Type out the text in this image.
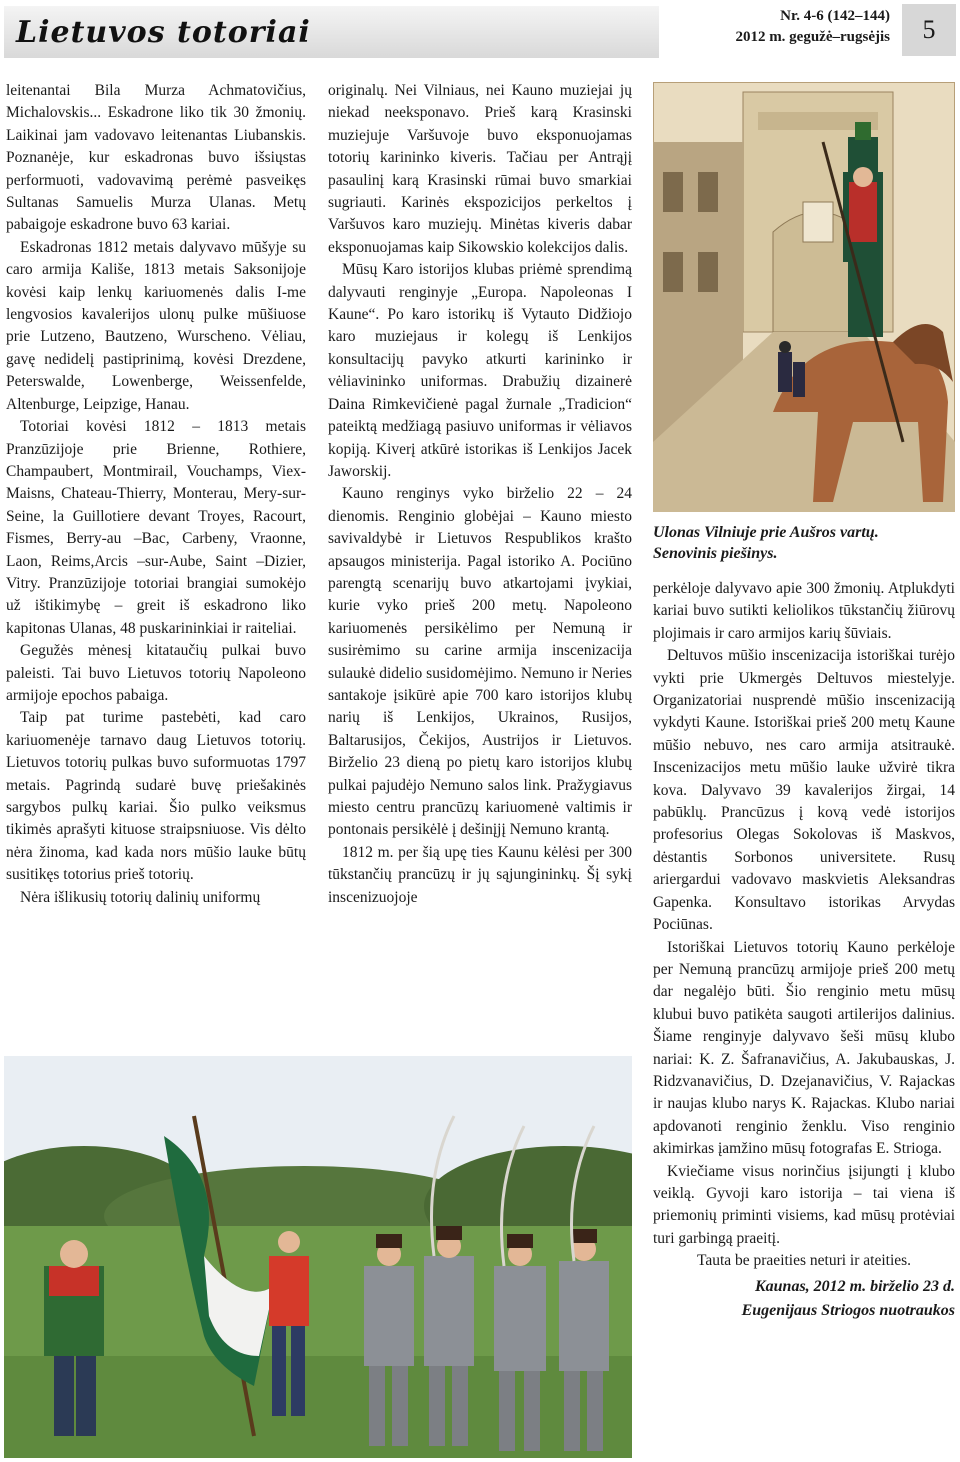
Lietuvos totoriai	Nr. 4-6 (142–144)
2012 m. gegužė–rugsėjis	5

leitenantai Bila Murza Achmatovičius, Michalovskis... Eskadrone liko tik 30 žmonių. Laikinai jam vadovavo leitenantas Liubanskis. Poznanėje, kur eskadronas buvo išsiųstas performuoti, vadovavimą perėmė pasveikęs Sultanas Samuelis Murza Ulanas. Metų pabaigoje eskadrone buvo 63 kariai.

Eskadronas 1812 metais dalyvavo mūšyje su caro armija Kališe, 1813 metais Saksonijoje kovėsi kaip lenkų kariuomenės dalis I-me lengvosios kavalerijos ulonų pulke mūšiuose prie Lutzeno, Bautzeno, Wurscheno. Vėliau, gavę nedidelį pastiprinimą, kovėsi Drezdene, Peterswalde, Lowenberge, Weissenfelde, Altenburge, Leipzige, Hanau.

Totoriai kovėsi 1812 – 1813 metais Pranzūzijoje prie Brienne, Rothiere, Champaubert, Montmirail, Vouchamps, Viex-Maisns, Chateau-Thierry, Monterau, Mery-sur-Seine, la Guillotiere devant Troyes, Racourt, Fismes, Berry-au –Bac, Carbeny, Vraonne, Laon, Reims,Arcis –sur-Aube, Saint –Dizier, Vitry. Pranzūzijoje totoriai brangiai sumokėjo už ištikimybę – greit iš eskadrono liko kapitonas Ulanas, 48 puskarininkiai ir raiteliai.

Gegužės mėnesį kitataučių pulkai buvo paleisti. Tai buvo Lietuvos totorių Napoleono armijoje epochos pabaiga.

Taip pat turime pastebėti, kad caro kariuomenėje tarnavo daug Lietuvos totorių. Lietuvos totorių pulkas buvo suformuotas 1797 metais. Pagrindą sudarė buvę priešakinės sargybos pulkų kariai. Šio pulko veiksmus tikimės aprašyti kituose straipsniuose. Vis dėlto nėra žinoma, kad kada nors mūšio lauke būtų susitikęs totorius prieš totorių.

Nėra išlikusių totorių dalinių uniformų

originalų. Nei Vilniaus, nei Kauno muziejai jų niekad neeksponavo. Prieš karą Krasinski muziejuje Varšuvoje buvo eksponuojamas totorių karininko kiveris. Tačiau per Antrąjį pasaulinį karą Krasinski rūmai buvo smarkiai sugriauti. Karinės ekspozicijos perkeltos į Varšuvos karo muziejų. Minėtas kiveris dabar eksponuojamas kaip Sikowskio kolekcijos dalis.

Mūsų Karo istorijos klubas priėmė sprendimą dalyvauti renginyje „Europa. Napoleonas I Kaune“. Po karo istorikų iš Vytauto Didžiojo karo muziejaus ir kolegų iš Lenkijos konsultacijų pavyko atkurti karininko ir vėliavininko uniformas. Drabužių dizainerė Daina Rimkevičienė pagal žurnale „Tradicion“ pateiktą medžiagą pasiuvo uniformas ir vėliavos kopiją. Kiverį atkūrė istorikas iš Lenkijos Jacek Jaworskij.

Kauno renginys vyko birželio 22 – 24 dienomis. Renginio globėjai – Kauno miesto savivaldybė ir Lietuvos Respublikos krašto apsaugos ministerija. Pagal istoriko A. Pociūno parengtą scenarijų buvo atkartojami įvykiai, kurie vyko prieš 200 metų. Napoleono kariuomenės persikėlimo per Nemuną ir susirėmimo su carine armija inscenizacija sulaukė didelio susidomėjimo. Nemuno ir Neries santakoje įsikūrė apie 700 karo istorijos klubų narių iš Lenkijos, Ukrainos, Rusijos, Baltarusijos, Čekijos, Austrijos ir Lietuvos. Birželio 23 dieną po pietų karo istorijos klubų pulkai pajudėjo Nemuno salos link. Pražygiavus miesto centru prancūzų kariuomenė valtimis ir pontonais persikėlė į dešinįjį Nemuno krantą.

1812 m. per šią upę ties Kaunu kėlėsi per 300 tūkstančių prancūzų ir jų sąjungininkų. Šį sykį inscenizuojoje

Ulonas Vilniuje prie Aušros vartų.
Senovinis piešinys.

perkėloje dalyvavo apie 300 žmonių. Atplukdyti kariai buvo sutikti keliolikos tūkstančių žiūrovų plojimais ir caro armijos karių šūviais.

Deltuvos mūšio inscenizacija istoriškai turėjo vykti prie Ukmergės Deltuvos miestelyje. Organizatoriai nusprendė mūšio inscenizaciją vykdyti Kaune. Istoriškai prieš 200 metų Kaune mūšio nebuvo, nes caro armija atsitraukė. Inscenizacijos metu mūšio lauke užvirė tikra kova. Dalyvavo 39 kavalerijos žirgai, 14 pabūklų. Prancūzus į kovą vedė istorijos profesorius Olegas Sokolovas iš Maskvos, dėstantis Sorbonos universitete. Rusų ariergardui vadovavo maskvietis Aleksandras Gapenka. Konsultavo istorikas Arvydas Pociūnas.

Istoriškai Lietuvos totorių Kauno perkėloje per Nemuną prancūzų armijoje prieš 200 metų dar negalėjo būti. Šio renginio metu mūsų klubui buvo patikėta saugoti artilerijos dalinius. Šiame renginyje dalyvavo šeši mūsų klubo nariai: K. Z. Šafranavičius, A. Jakubauskas, J. Ridzvanavičius, D. Dzejanavičius, V. Rajackas ir naujas klubo narys K. Rajackas. Klubo nariai apdovanoti renginio ženklu. Viso renginio akimirkas įamžino mūsų fotografas E. Strioga.

Kviečiame visus norinčius įsijungti į klubo veiklą. Gyvoji karo istorija – tai viena iš priemonių priminti visiems, kad mūsų protėviai turi garbingą praeitį.

Tauta be praeities neturi ir ateities.

Kaunas, 2012 m. birželio 23 d.
Eugenijaus Striogos nuotraukos
